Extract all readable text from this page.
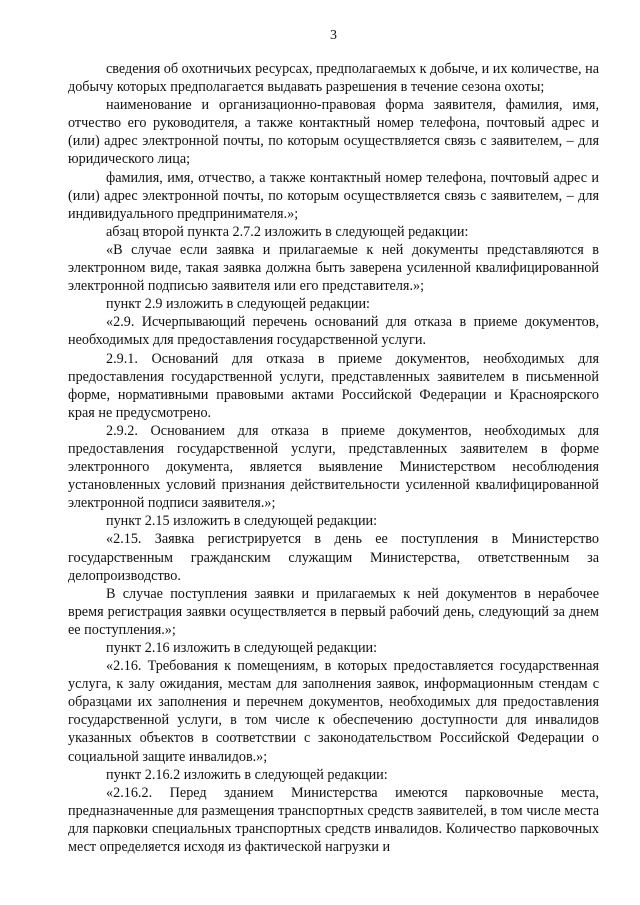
3

сведения об охотничьих ресурсах, предполагаемых к добыче, и их количестве, на добычу которых предполагается выдавать разрешения в течение сезона охоты;

наименование и организационно-правовая форма заявителя, фамилия, имя, отчество его руководителя, а также контактный номер телефона, почтовый адрес и (или) адрес электронной почты, по которым осуществляется связь с заявителем, – для юридического лица;

фамилия, имя, отчество, а также контактный номер телефона, почтовый адрес и (или) адрес электронной почты, по которым осуществляется связь с заявителем, – для индивидуального предпринимателя.»;

абзац второй пункта 2.7.2 изложить в следующей редакции:

«В случае если заявка и прилагаемые к ней документы представляются в электронном виде, такая заявка должна быть заверена усиленной квалифицированной электронной подписью заявителя или его представителя.»;

пункт 2.9 изложить в следующей редакции:

«2.9. Исчерпывающий перечень оснований для отказа в приеме документов, необходимых для предоставления государственной услуги.

2.9.1. Оснований для отказа в приеме документов, необходимых для предоставления государственной услуги, представленных заявителем в письменной форме, нормативными правовыми актами Российской Федерации и Красноярского края не предусмотрено.

2.9.2. Основанием для отказа в приеме документов, необходимых для предоставления государственной услуги, представленных заявителем в форме электронного документа, является выявление Министерством несоблюдения установленных условий признания действительности усиленной квалифицированной электронной подписи заявителя.»;

пункт 2.15 изложить в следующей редакции:

«2.15. Заявка регистрируется в день ее поступления в Министерство государственным гражданским служащим Министерства, ответственным за делопроизводство.

В случае поступления заявки и прилагаемых к ней документов в нерабочее время регистрация заявки осуществляется в первый рабочий день, следующий за днем ее поступления.»;

пункт 2.16 изложить в следующей редакции:

«2.16. Требования к помещениям, в которых предоставляется государственная услуга, к залу ожидания, местам для заполнения заявок, информационным стендам с образцами их заполнения и перечнем документов, необходимых для предоставления государственной услуги, в том числе к обеспечению доступности для инвалидов указанных объектов в соответствии с законодательством Российской Федерации о социальной защите инвалидов.»;

пункт 2.16.2 изложить в следующей редакции:

«2.16.2. Перед зданием Министерства имеются парковочные места, предназначенные для размещения транспортных средств заявителей, в том числе места для парковки специальных транспортных средств инвалидов. Количество парковочных мест определяется исходя из фактической нагрузки и
